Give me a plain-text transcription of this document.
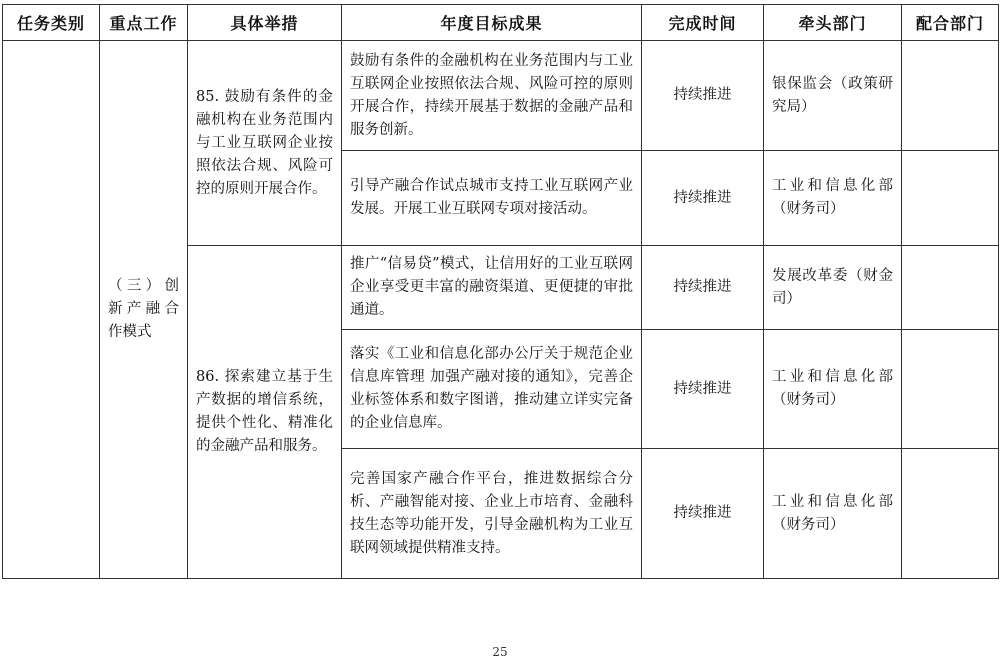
任务类别	重点工作	具体举措	年度目标成果	完成时间	牵头部门	配合部门
	（三）创新产融合作模式	85. 鼓励有条件的金融机构在业务范围内与工业互联网企业按照依法合规、风险可控的原则开展合作。	鼓励有条件的金融机构在业务范围内与工业互联网企业按照依法合规、风险可控的原则开展合作，持续开展基于数据的金融产品和服务创新。	持续推进	银保监会（政策研究局）	
			引导产融合作试点城市支持工业互联网产业发展。开展工业互联网专项对接活动。	持续推进	工业和信息化部（财务司）	
		86. 探索建立基于生产数据的增信系统，提供个性化、精准化的金融产品和服务。	推广“信易贷”模式，让信用好的工业互联网企业享受更丰富的融资渠道、更便捷的审批通道。	持续推进	发展改革委（财金司）	
			落实《工业和信息化部办公厅关于规范企业信息库管理 加强产融对接的通知》，完善企业标签体系和数字图谱，推动建立详实完备的企业信息库。	持续推进	工业和信息化部（财务司）	
			完善国家产融合作平台，推进数据综合分析、产融智能对接、企业上市培育、金融科技生态等功能开发，引导金融机构为工业互联网领域提供精准支持。	持续推进	工业和信息化部（财务司）	
25
